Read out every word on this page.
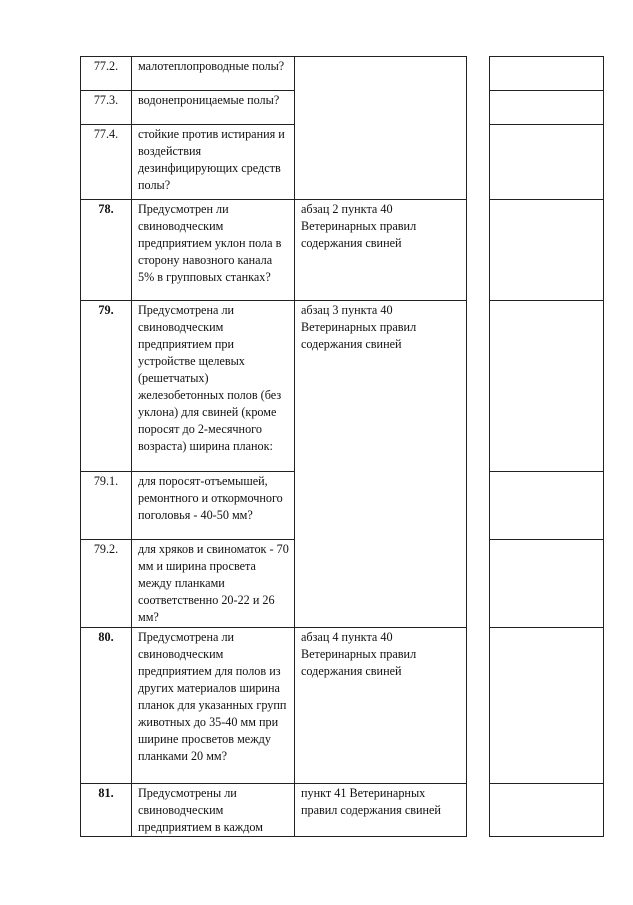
77.2.	малотеплопроводные полы?			
77.3.	водонепроницаемые полы?			
77.4.	стойкие против истирания и воздействия дезинфицирующих средств полы?			
78.	Предусмотрен ли свиноводческим предприятием уклон пола в сторону навозного канала 5% в групповых станках?	абзац 2 пункта 40 Ветеринарных правил содержания свиней		
79.	Предусмотрена ли свиноводческим предприятием при устройстве щелевых (решетчатых) железобетонных полов (без уклона) для свиней (кроме поросят до 2-месячного возраста) ширина планок:	абзац 3 пункта 40 Ветеринарных правил содержания свиней		
79.1.	для поросят-отъемышей, ремонтного и откормочного поголовья - 40-50 мм?			
79.2.	для хряков и свиноматок - 70 мм и ширина просвета между планками соответственно 20-22 и 26 мм?			
80.	Предусмотрена ли свиноводческим предприятием для полов из других материалов ширина планок для указанных групп животных до 35-40 мм при ширине просветов между планками 20 мм?	абзац 4 пункта 40 Ветеринарных правил содержания свиней		
81.	Предусмотрены ли свиноводческим предприятием в каждом	пункт 41 Ветеринарных правил содержания свиней		
